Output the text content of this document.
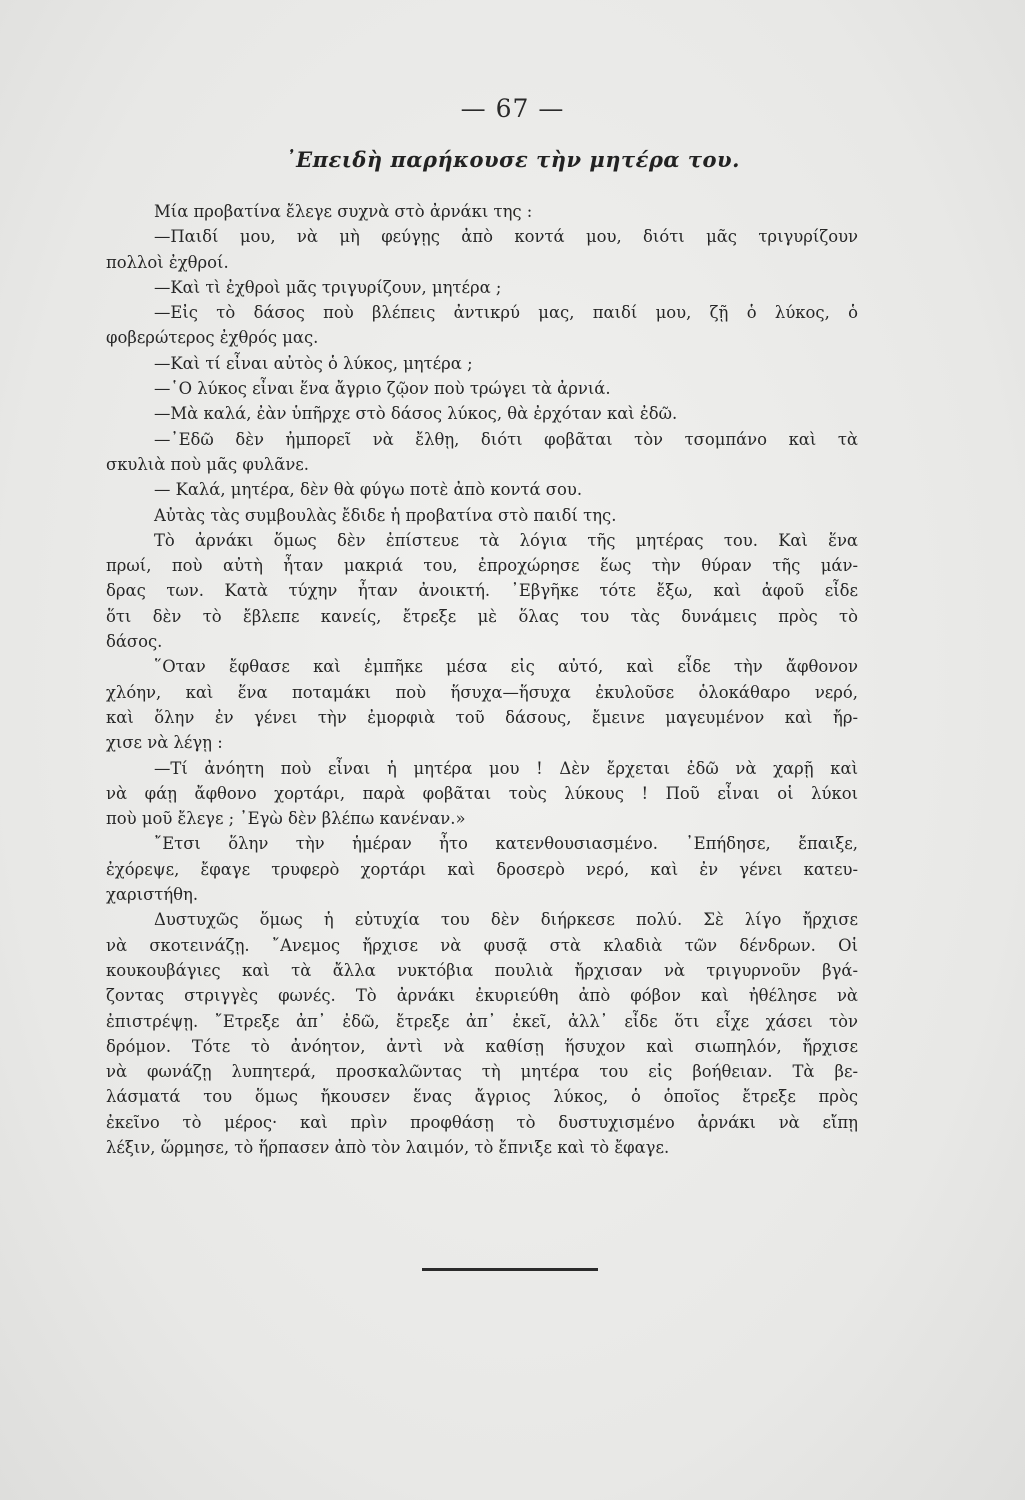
— 67 —
᾿Επειδὴ παρήκουσε τὴν μητέρα του.
Μία προβατίνα ἔλεγε συχνὰ στὸ ἀρνάκι της :
—Παιδί μου, νὰ μὴ φεύγῃς ἀπὸ κοντά μου, διότι μᾶς τριγυρίζουν
πολλοὶ ἐχθροί.
—Καὶ τὶ ἐχθροὶ μᾶς τριγυρίζουν, μητέρα ;
—Εἰς τὸ δάσος ποὺ βλέπεις ἀντικρύ μας, παιδί μου, ζῇ ὁ λύκος, ὁ
φοβερώτερος ἐχθρός μας.
—Καὶ τί εἶναι αὐτὸς ὁ λύκος, μητέρα ;
—῾Ο λύκος εἶναι ἕνα ἄγριο ζῷον ποὺ τρώγει τὰ ἀρνιά.
—Μὰ καλά, ἐὰν ὑπῆρχε στὸ δάσος λύκος, θὰ ἐρχόταν καὶ ἐδῶ.
—᾿Εδῶ δὲν ἠμπορεῖ νὰ ἔλθῃ, διότι φοβᾶται τὸν τσομπάνο καὶ τὰ
σκυλιὰ ποὺ μᾶς φυλᾶνε.
— Καλά, μητέρα, δὲν θὰ φύγω ποτὲ ἀπὸ κοντά σου.
Αὐτὰς τὰς συμβουλὰς ἔδιδε ἡ προβατίνα στὸ παιδί της.
Τὸ ἀρνάκι ὅμως δὲν ἐπίστευε τὰ λόγια τῆς μητέρας του. Καὶ ἕνα
πρωί, ποὺ αὐτὴ ἦταν μακριά του, ἐπροχώρησε ἕως τὴν θύραν τῆς μάν-
δρας των. Κατὰ τύχην ἦταν ἀνοικτή. ᾿Εβγῆκε τότε ἔξω, καὶ ἀφοῦ εἶδε
ὅτι δὲν τὸ ἔβλεπε κανείς, ἔτρεξε μὲ ὅλας του τὰς δυνάμεις πρὸς τὸ
δάσος.
῞Οταν ἔφθασε καὶ ἐμπῆκε μέσα εἰς αὐτό, καὶ εἶδε τὴν ἄφθονον
χλόην, καὶ ἕνα ποταμάκι ποὺ ἥσυχα—ἥσυχα ἐκυλοῦσε ὁλοκάθαρο νερό,
καὶ ὅλην ἐν γένει τὴν ἐμορφιὰ τοῦ δάσους, ἔμεινε μαγευμένον καὶ ἤρ-
χισε νὰ λέγῃ :
—Τί ἀνόητη ποὺ εἶναι ἡ μητέρα μου ! Δὲν ἔρχεται ἐδῶ νὰ χαρῇ καὶ
νὰ φάῃ ἄφθονο χορτάρι, παρὰ φοβᾶται τοὺς λύκους ! Ποῦ εἶναι οἱ λύκοι
ποὺ μοῦ ἔλεγε ; ᾿Εγὼ δὲν βλέπω κανέναν.»
῎Ετσι ὅλην τὴν ἡμέραν ἦτο κατενθουσιασμένο. ᾿Επήδησε, ἔπαιξε,
ἐχόρεψε, ἔφαγε τρυφερὸ χορτάρι καὶ δροσερὸ νερό, καὶ ἐν γένει κατευ-
χαριστήθη.
Δυστυχῶς ὅμως ἡ εὐτυχία του δὲν διήρκεσε πολύ. Σὲ λίγο ἤρχισε
νὰ σκοτεινάζῃ. ῎Ανεμος ἤρχισε νὰ φυσᾷ στὰ κλαδιὰ τῶν δένδρων. Οἱ
κουκουβάγιες καὶ τὰ ἄλλα νυκτόβια πουλιὰ ἤρχισαν νὰ τριγυρνοῦν βγά-
ζοντας στριγγὲς φωνές. Τὸ ἀρνάκι ἐκυριεύθη ἀπὸ φόβον καὶ ἠθέλησε νὰ
ἐπιστρέψῃ. ῎Ετρεξε ἀπ᾿ ἐδῶ, ἔτρεξε ἀπ᾿ ἐκεῖ, ἀλλ᾿ εἶδε ὅτι εἶχε χάσει τὸν
δρόμον. Τότε τὸ ἀνόητον, ἀντὶ νὰ καθίσῃ ἥσυχον καὶ σιωπηλόν, ἤρχισε
νὰ φωνάζῃ λυπητερά, προσκαλῶντας τὴ μητέρα του εἰς βοήθειαν. Τὰ βε-
λάσματά του ὅμως ἤκουσεν ἕνας ἄγριος λύκος, ὁ ὁποῖος ἔτρεξε πρὸς
ἐκεῖνο τὸ μέρος· καὶ πρὶν προφθάσῃ τὸ δυστυχισμένο ἀρνάκι νὰ εἴπῃ
λέξιν, ὥρμησε, τὸ ἥρπασεν ἀπὸ τὸν λαιμόν, τὸ ἔπνιξε καὶ τὸ ἔφαγε.
